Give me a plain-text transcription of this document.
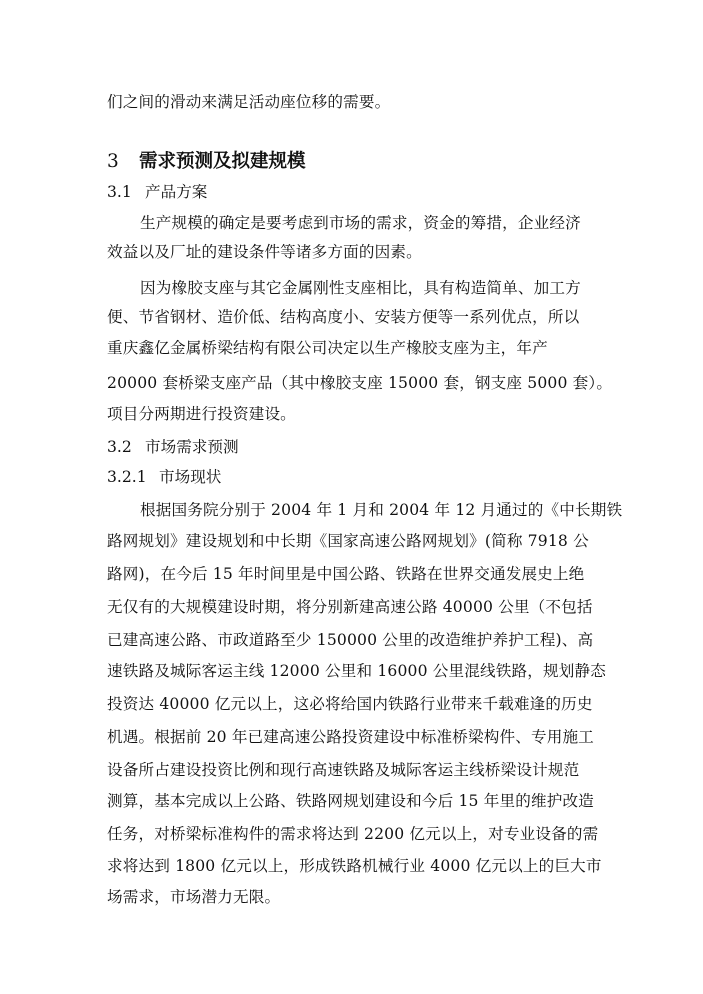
们之间的滑动来满足活动座位移的需要。
3 需求预测及拟建规模
3.1 产品方案
生产规模的确定是要考虑到市场的需求，资金的筹措，企业经济
效益以及厂址的建设条件等诸多方面的因素。
因为橡胶支座与其它金属刚性支座相比，具有构造简单、加工方
便、节省钢材、造价低、结构高度小、安装方便等一系列优点，所以
重庆鑫亿金属桥梁结构有限公司决定以生产橡胶支座为主，年产
20000 套桥梁支座产品（其中橡胶支座 15000 套，钢支座 5000 套）。
项目分两期进行投资建设。
3.2 市场需求预测
3.2.1 市场现状
根据国务院分别于 2004 年 1 月和 2004 年 12 月通过的《中长期铁
路网规划》建设规划和中长期《国家高速公路网规划》(简称 7918 公
路网)，在今后 15 年时间里是中国公路、铁路在世界交通发展史上绝
无仅有的大规模建设时期，将分别新建高速公路 40000 公里（不包括
已建高速公路、市政道路至少 150000 公里的改造维护养护工程)、高
速铁路及城际客运主线 12000 公里和 16000 公里混线铁路，规划静态
投资达 40000 亿元以上，这必将给国内铁路行业带来千载难逢的历史
机遇。根据前 20 年已建高速公路投资建设中标准桥梁构件、专用施工
设备所占建设投资比例和现行高速铁路及城际客运主线桥梁设计规范
测算，基本完成以上公路、铁路网规划建设和今后 15 年里的维护改造
任务，对桥梁标准构件的需求将达到 2200 亿元以上，对专业设备的需
求将达到 1800 亿元以上，形成铁路机械行业 4000 亿元以上的巨大市
场需求，市场潜力无限。
